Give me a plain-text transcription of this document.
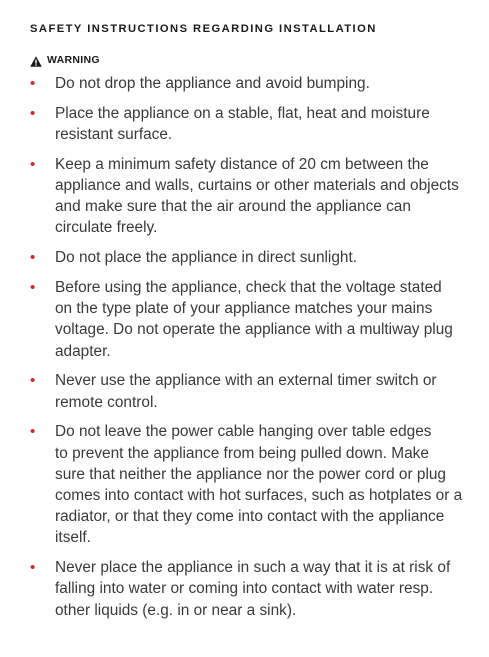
SAFETY INSTRUCTIONS REGARDING INSTALLATION
WARNING
• Do not drop the appliance and avoid bumping.
• Place the appliance on a stable, flat, heat and moisture
resistant surface.
• Keep a minimum safety distance of 20 cm between the
appliance and walls, curtains or other materials and objects
and make sure that the air around the appliance can
circulate freely.
• Do not place the appliance in direct sunlight.
• Before using the appliance, check that the voltage stated
on the type plate of your appliance matches your mains
voltage. Do not operate the appliance with a multiway plug
adapter.
• Never use the appliance with an external timer switch or
remote control.
• Do not leave the power cable hanging over table edges
to prevent the appliance from being pulled down. Make
sure that neither the appliance nor the power cord or plug
comes into contact with hot surfaces, such as hotplates or a
radiator, or that they come into contact with the appliance
itself.
• Never place the appliance in such a way that it is at risk of
falling into water or coming into contact with water resp.
other liquids (e.g. in or near a sink).
